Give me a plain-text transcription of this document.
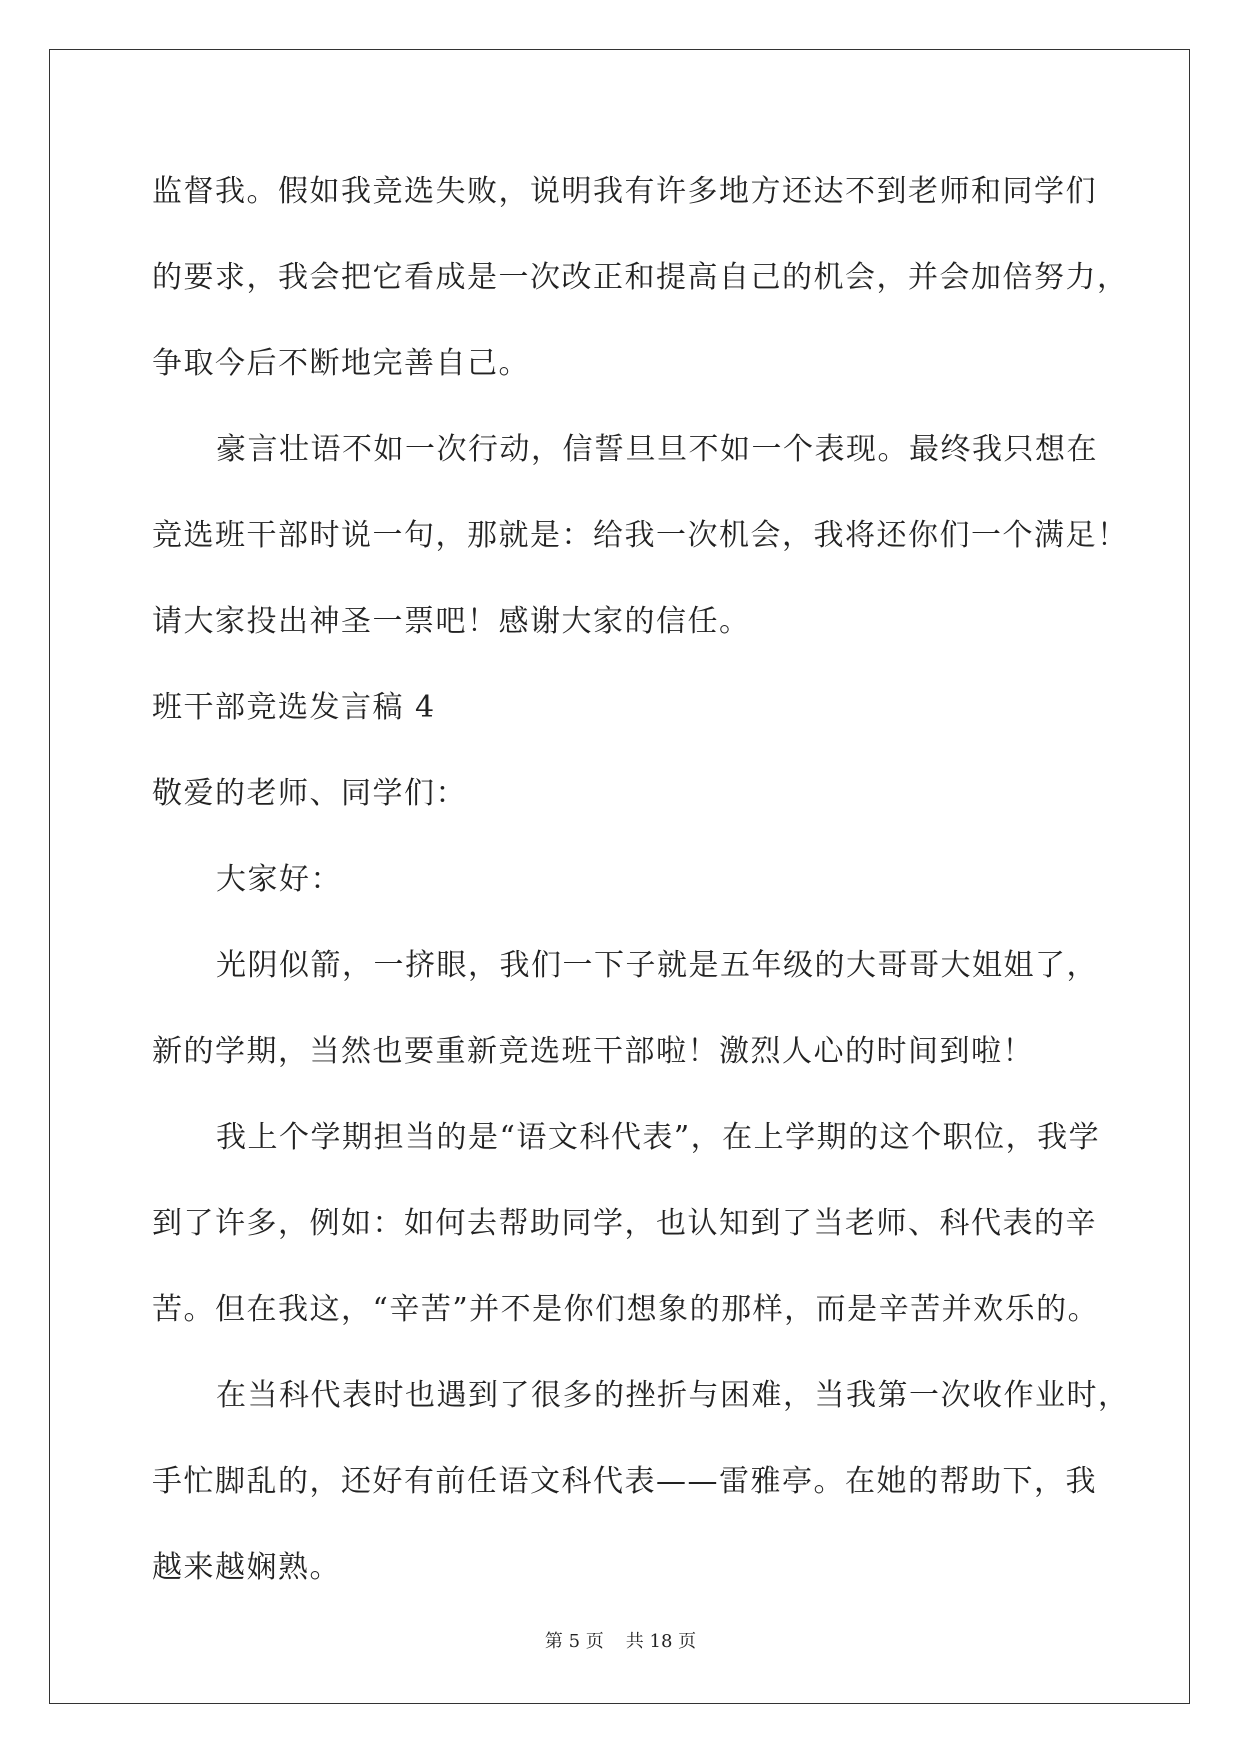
监督我。假如我竞选失败，说明我有许多地方还达不到老师和同学们
的要求，我会把它看成是一次改正和提高自己的机会，并会加倍努力，
争取今后不断地完善自己。
豪言壮语不如一次行动，信誓旦旦不如一个表现。最终我只想在
竞选班干部时说一句，那就是：给我一次机会，我将还你们一个满足！
请大家投出神圣一票吧！感谢大家的信任。
班干部竞选发言稿 4
敬爱的老师、同学们：
大家好：
光阴似箭，一挤眼，我们一下子就是五年级的大哥哥大姐姐了，
新的学期，当然也要重新竞选班干部啦！激烈人心的时间到啦！
我上个学期担当的是“语文科代表”，在上学期的这个职位，我学
到了许多，例如：如何去帮助同学，也认知到了当老师、科代表的辛
苦。但在我这，“辛苦”并不是你们想象的那样，而是辛苦并欢乐的。
在当科代表时也遇到了很多的挫折与困难，当我第一次收作业时，
手忙脚乱的，还好有前任语文科代表——雷雅亭。在她的帮助下，我
越来越娴熟。
第 5 页 共 18 页
